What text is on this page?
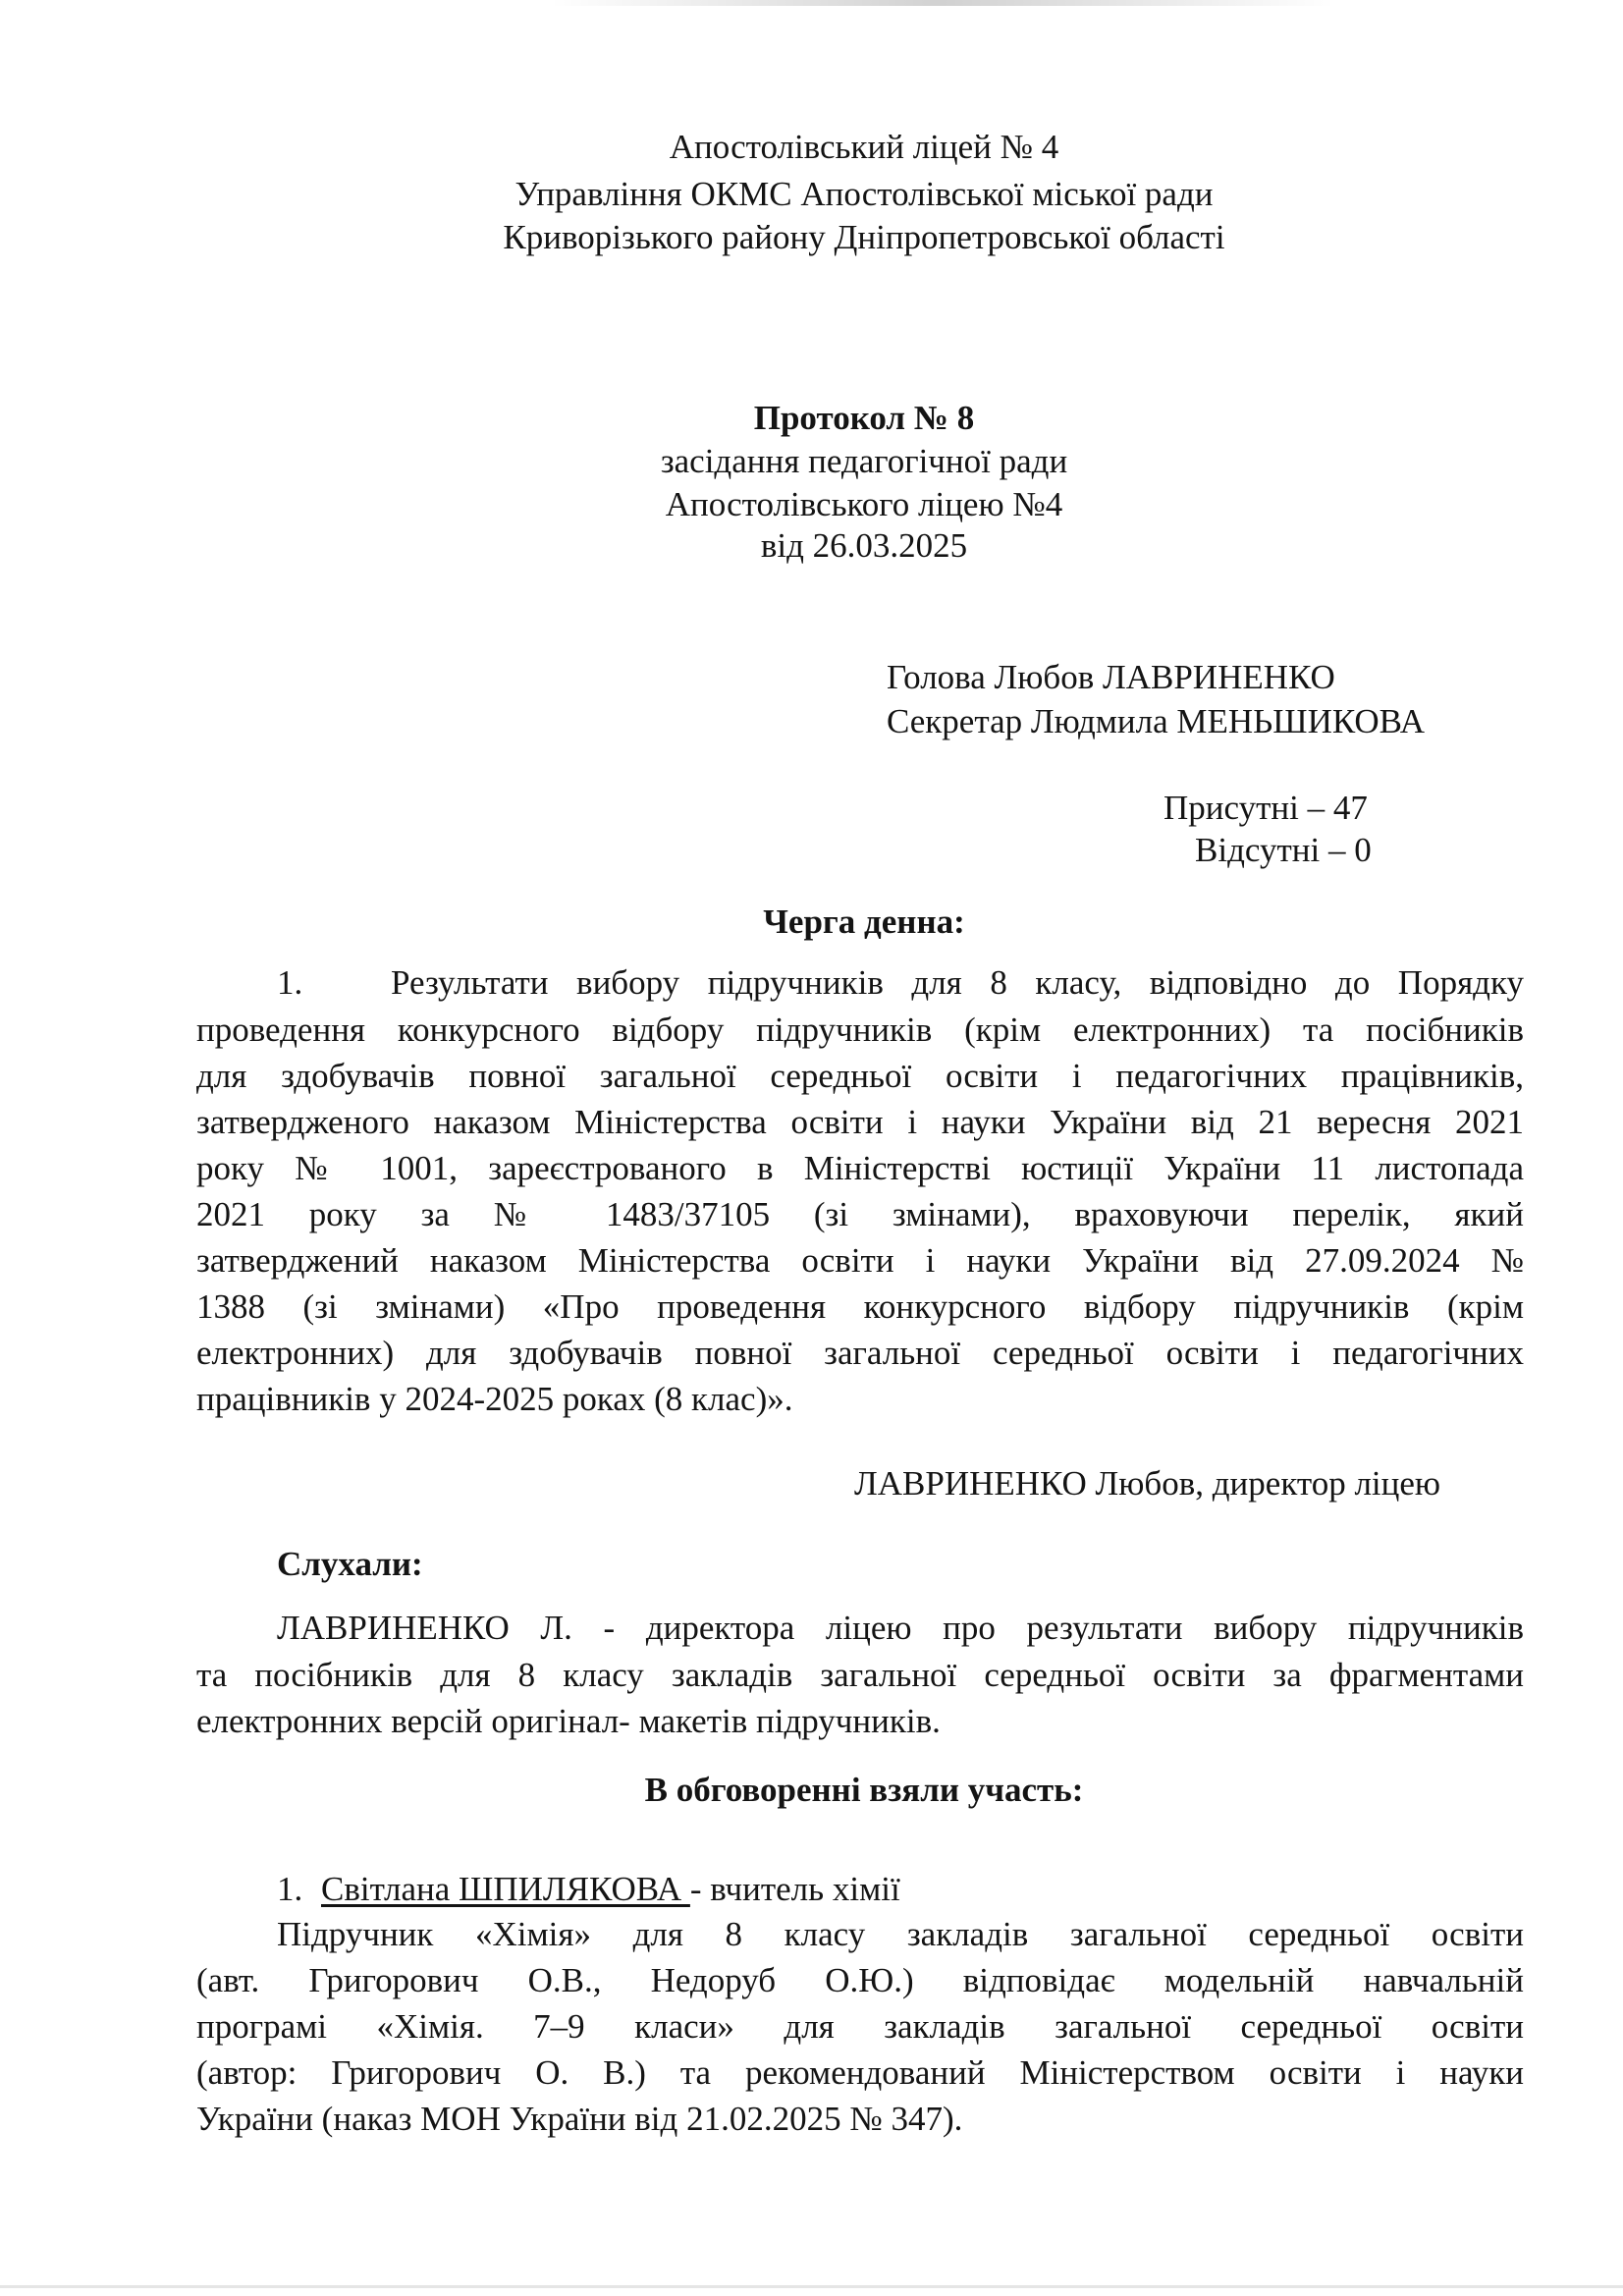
Апостолівський ліцей № 4
Управління ОКМС Апостолівської міської ради
Криворізького району Дніпропетровської області
Протокол № 8
засідання педагогічної ради
Апостолівського ліцею №4
від 26.03.2025
Голова Любов ЛАВРИНЕНКО
Секретар Людмила МЕНЬШИКОВА
Присутні – 47
Відсутні – 0
Черга денна:
1.	Результати вибору підручників для 8 класу, відповідно до Порядку
проведення конкурсного відбору підручників (крім електронних) та посібників
для здобувачів повної загальної середньої освіти і педагогічних працівників,
затвердженого наказом Міністерства освіти і науки України від 21 вересня 2021
року № 1001, зареєстрованого в Міністерстві юстиції України 11 листопада
2021 року за № 1483/37105 (зі змінами), враховуючи перелік, який
затверджений наказом Міністерства освіти і науки України від 27.09.2024 №
1388 (зі змінами) «Про проведення конкурсного відбору підручників (крім
електронних) для здобувачів повної загальної середньої освіти і педагогічних
працівників у 2024-2025 роках (8 клас)».
ЛАВРИНЕНКО Любов, директор ліцею
Слухали:
ЛАВРИНЕНКО Л. - директора ліцею про результати вибору підручників
та посібників для 8 класу закладів загальної середньої освіти за фрагментами
електронних версій оригінал- макетів підручників.
В обговоренні взяли участь:
1. Світлана ШПИЛЯКОВА - вчитель хімії
Підручник «Хімія» для 8 класу закладів загальної середньої освіти
(авт. Григорович О.В., Недоруб О.Ю.) відповідає модельній навчальній
програмі «Хімія. 7–9 класи» для закладів загальної середньої освіти
(автор: Григорович О. В.) та рекомендований Міністерством освіти і науки
України (наказ МОН України від 21.02.2025 № 347).
